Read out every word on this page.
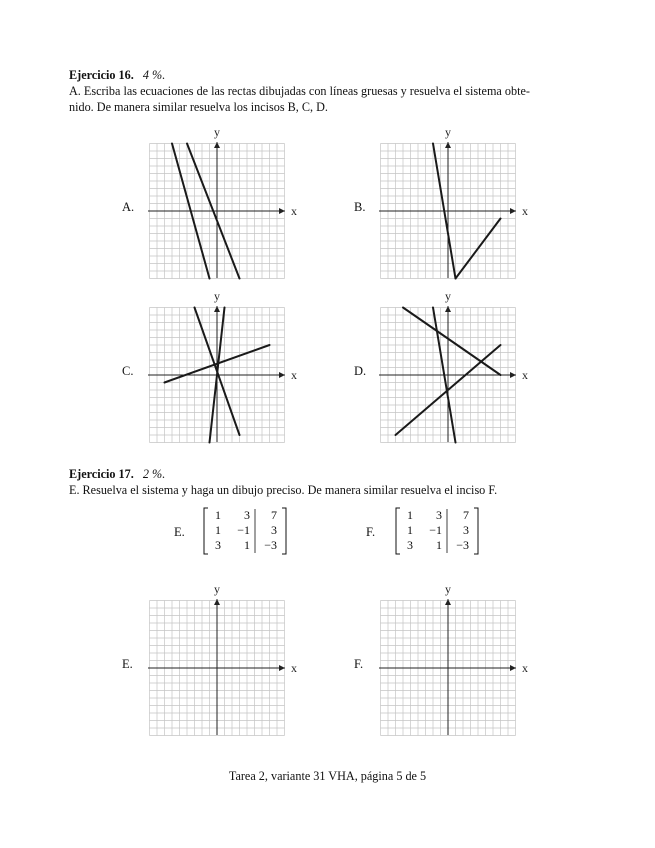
Ejercicio 16. 4 %.
A. Escriba las ecuaciones de las rectas dibujadas con líneas gruesas y resuelva el sistema obte-
nido. De manera similar resuelva los incisos B, C, D.
A.	x
y
B.	x
y
C.	x
y
D.	x
y
Ejercicio 17. 2 %.
E. Resuelva el sistema y haga un dibujo preciso. De manera similar resuelva el inciso F.
E.
1 3 7
1 −1 3
3 1 −3
F.
1 3 7
1 −1 3
3 1 −3
E.	x
y
F.	x
y
Tarea 2, variante 31 VHA, página 5 de 5
